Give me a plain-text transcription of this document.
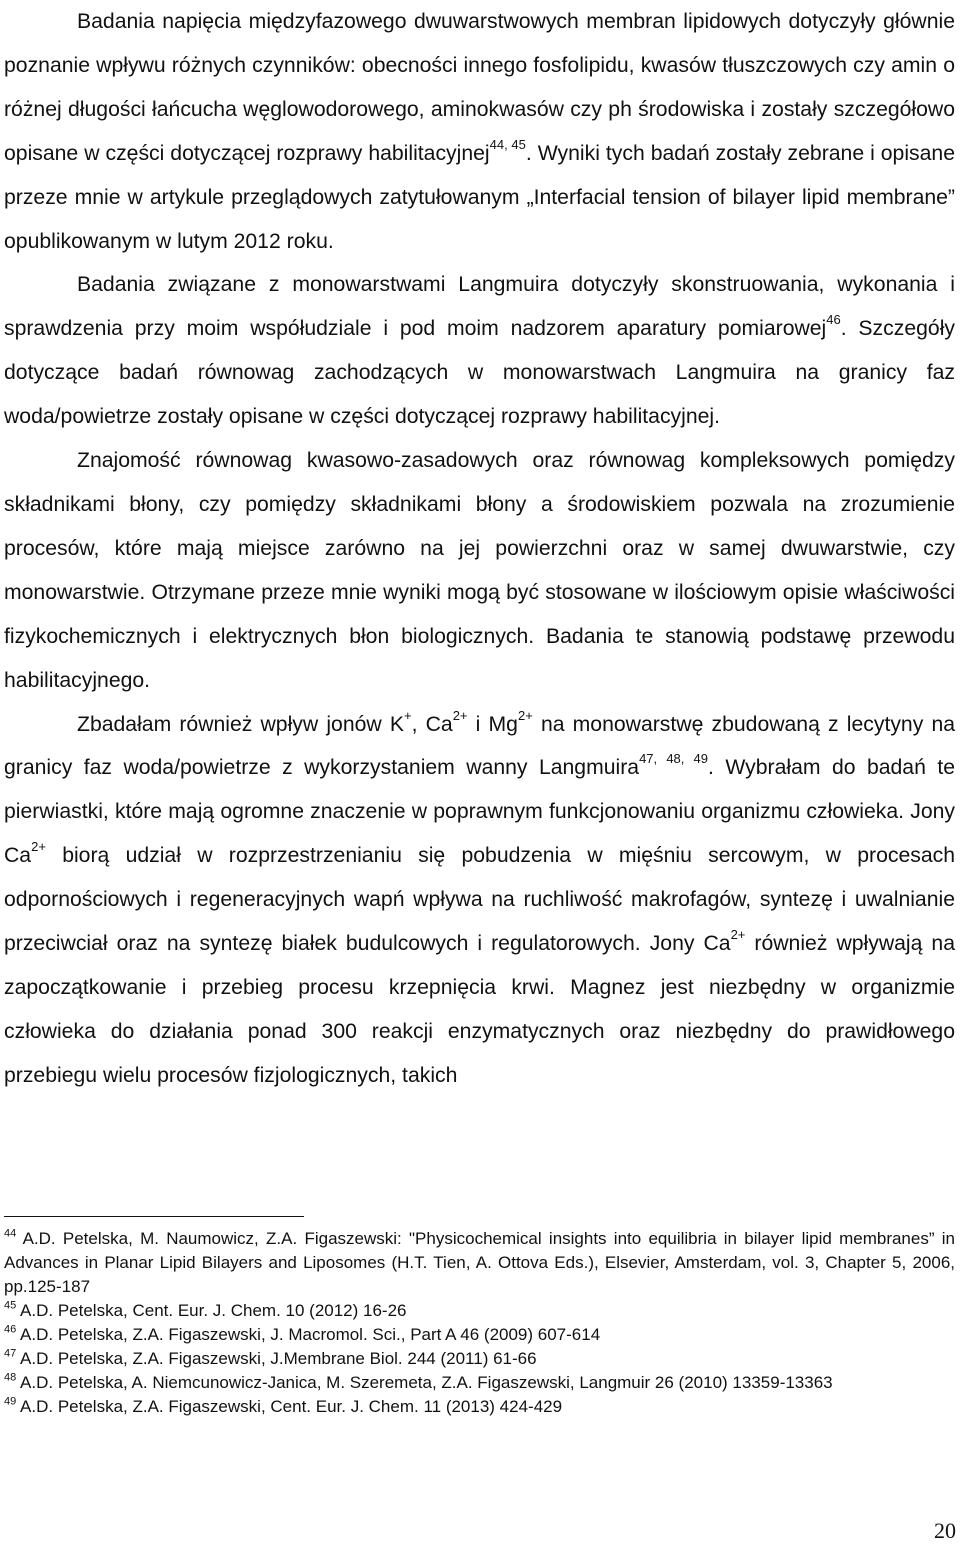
Badania napięcia międzyfazowego dwuwarstwowych membran lipidowych dotyczyły głównie poznanie wpływu różnych czynników: obecności innego fosfolipidu, kwasów tłuszczowych czy amin o różnej długości łańcucha węglowodorowego, aminokwasów czy ph środowiska i zostały szczegółowo opisane w części dotyczącej rozprawy habilitacyjnej$^{44, 45}$. Wyniki tych badań zostały zebrane i opisane przeze mnie w artykule przeglądowych zatytułowanym „Interfacial tension of bilayer lipid membrane” opublikowanym w lutym 2012 roku.

Badania związane z monowarstwami Langmuira dotyczyły skonstruowania, wykonania i sprawdzenia przy moim współudziale i pod moim nadzorem aparatury pomiarowej$^{46}$. Szczegóły dotyczące badań równowag zachodzących w monowarstwach Langmuira na granicy faz woda/powietrze zostały opisane w części dotyczącej rozprawy habilitacyjnej.

Znajomość równowag kwasowo-zasadowych oraz równowag kompleksowych pomiędzy składnikami błony, czy pomiędzy składnikami błony a środowiskiem pozwala na zrozumienie procesów, które mają miejsce zarówno na jej powierzchni oraz w samej dwuwarstwie, czy monowarstwie. Otrzymane przeze mnie wyniki mogą być stosowane w ilościowym opisie właściwości fizykochemicznych i elektrycznych błon biologicznych. Badania te stanowią podstawę przewodu habilitacyjnego.

Zbadałam również wpływ jonów K+, $Ca^{2+}$ i $Mg^{2+}$ na monowarstwę zbudowaną z lecytyny na granicy faz woda/powietrze z wykorzystaniem wanny Langmuira$^{47, 48, 49}$. Wybrałam do badań te pierwiastki, które mają ogromne znaczenie w poprawnym funkcjonowaniu organizmu człowieka. Jony $Ca^{2+}$ biorą udział w rozprzestrzenianiu się pobudzenia w mięśniu sercowym, w procesach odpornościowych i regeneracyjnych wapń wpływa na ruchliwość makrofagów, syntezę i uwalnianie przeciwciał oraz na syntezę białek budulcowych i regulatorowych. Jony $Ca^{2+}$ również wpływają na zapoczątkowanie i przebieg procesu krzepnięcia krwi. Magnez jest niezbędny w organizmie człowieka do działania ponad 300 reakcji enzymatycznych oraz niezbędny do prawidłowego przebiegu wielu procesów fizjologicznych, takich

$^{44}$ A.D. Petelska, M. Naumowicz, Z.A. Figaszewski: "Physicochemical insights into equilibria in bilayer lipid membranes” in Advances in Planar Lipid Bilayers and Liposomes (H.T. Tien, A. Ottova Eds.), Elsevier, Amsterdam, vol. 3, Chapter 5, 2006, pp.125-187

$^{45}$ A.D. Petelska, Cent. Eur. J. Chem. 10 (2012) 16-26

$^{46}$ A.D. Petelska, Z.A. Figaszewski, J. Macromol. Sci., Part A 46 (2009) 607-614

$^{47}$ A.D. Petelska, Z.A. Figaszewski, J.Membrane Biol. 244 (2011) 61-66

$^{48}$ A.D. Petelska, A. Niemcunowicz-Janica, M. Szeremeta, Z.A. Figaszewski, Langmuir 26 (2010) 13359-13363

$^{49}$ A.D. Petelska, Z.A. Figaszewski, Cent. Eur. J. Chem. 11 (2013) 424-429

20
